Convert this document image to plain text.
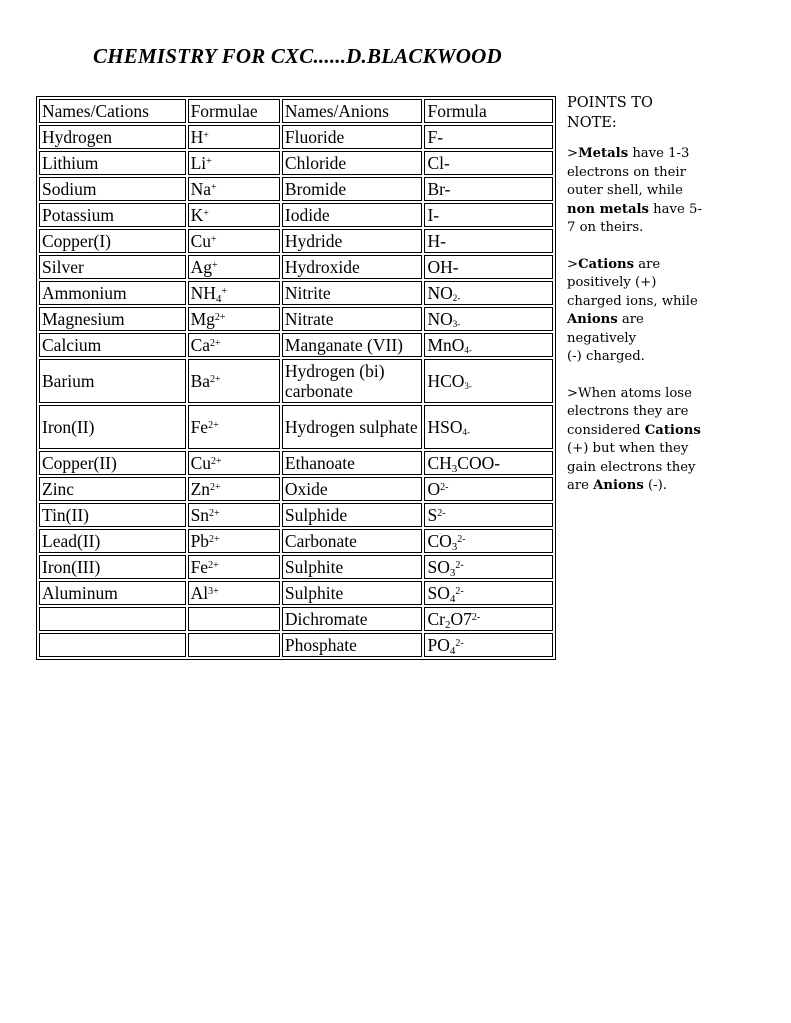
CHEMISTRY FOR CXC......D.BLACKWOOD
Names/Cations	Formulae	Names/Anions	Formula
Hydrogen	H+	Fluoride	F-
Lithium	Li+	Chloride	Cl-
Sodium	Na+	Bromide	Br-
Potassium	K+	Iodide	I-
Copper(I)	Cu+	Hydride	H-
Silver	Ag+	Hydroxide	OH-
Ammonium	$NH_4^+$	Nitrite	$NO_{2-}$
Magnesium	$Mg^{2+}$	Nitrate	$NO_{3-}$
Calcium	$Ca^{2+}$	Manganate (VII)	MnO$_{4-}$
Barium	$Ba^{2+}$	Hydrogen (bi) carbonate	$HCO_{3-}$
Iron(II)	$Fe^{2+}$	Hydrogen sulphate	$HSO_{4-}$
Copper(II)	$Cu^{2+}$	Ethanoate	$CH_3COO-$
Zinc	$Zn^{2+}$	Oxide	$O^{2-}$
Tin(II)	$Sn^{2+}$	Sulphide	$S^{2-}$
Lead(II)	$Pb^{2+}$	Carbonate	$CO_3^{2-}$
Iron(III)	$Fe^{2+}$	Sulphite	$SO_3^{2-}$
Aluminum	$Al^{3+}$	Sulphite	$SO_4^{2-}$
		Dichromate	$Cr_2O7^{2-}$
		Phosphate	$PO_4^{2-}$

POINTS TO NOTE:

>Metals have 1-3 electrons on their outer shell, while non metals have 5-7 on theirs.

>Cations are positively (+) charged ions, while Anions are negatively
(-) charged.

>When atoms lose electrons they are considered Cations (+) but when they gain electrons they are Anions (-).
